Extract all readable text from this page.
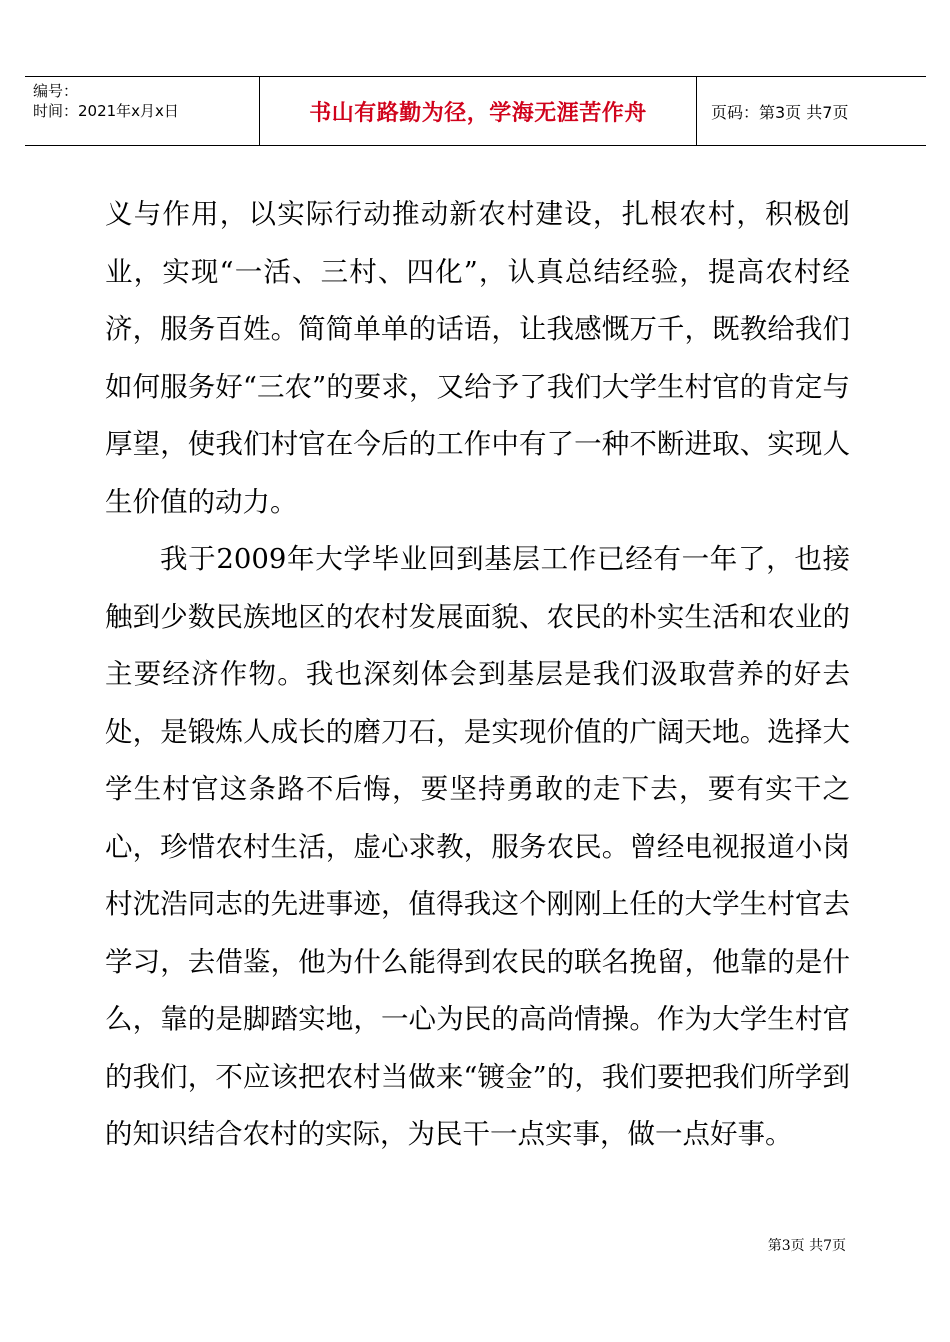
编号：
时间：2021年x月x日	书山有路勤为径，学海无涯苦作舟	页码：第3页 共7页

义与作用，以实际行动推动新农村建设，扎根农村，积极创业，实现“一活、三村、四化”，认真总结经验，提高农村经济，服务百姓。简简单单的话语，让我感慨万千，既教给我们如何服务好“三农”的要求，又给予了我们大学生村官的肯定与厚望，使我们村官在今后的工作中有了一种不断进取、实现人生价值的动力。

我于2009年大学毕业回到基层工作已经有一年了，也接触到少数民族地区的农村发展面貌、农民的朴实生活和农业的主要经济作物。我也深刻体会到基层是我们汲取营养的好去处，是锻炼人成长的磨刀石，是实现价值的广阔天地。选择大学生村官这条路不后悔，要坚持勇敢的走下去，要有实干之心，珍惜农村生活，虚心求教，服务农民。曾经电视报道小岗村沈浩同志的先进事迹，值得我这个刚刚上任的大学生村官去学习，去借鉴，他为什么能得到农民的联名挽留，他靠的是什么，靠的是脚踏实地，一心为民的高尚情操。作为大学生村官的我们，不应该把农村当做来“镀金”的，我们要把我们所学到的知识结合农村的实际，为民干一点实事，做一点好事。

第3页 共7页
